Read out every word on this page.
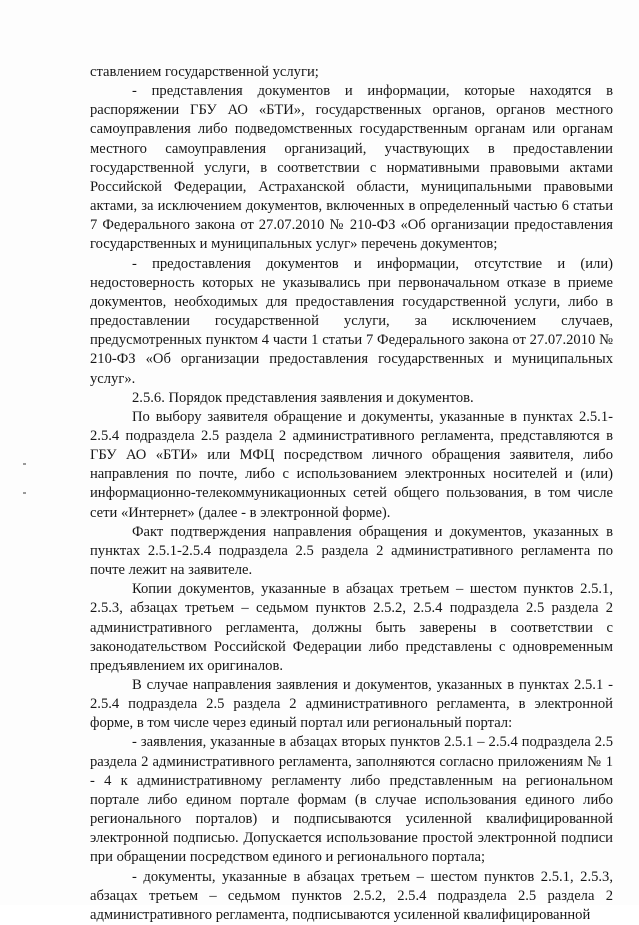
ставлением государственной услуги;

- представления документов и информации, которые находятся в распоряжении ГБУ АО «БТИ», государственных органов, органов местного самоуправления либо подведомственных государственным органам или органам местного самоуправления организаций, участвующих в предоставлении государственной услуги, в соответствии с нормативными правовыми актами Российской Федерации, Астраханской области, муниципальными правовыми актами, за исключением документов, включенных в определенный частью 6 статьи 7 Федерального закона от 27.07.2010 № 210-ФЗ «Об организации предоставления государственных и муниципальных услуг» перечень документов;

- предоставления документов и информации, отсутствие и (или) недостоверность которых не указывались при первоначальном отказе в приеме документов, необходимых для предоставления государственной услуги, либо в предоставлении государственной услуги, за исключением случаев, предусмотренных пунктом 4 части 1 статьи 7 Федерального закона от 27.07.2010 № 210-ФЗ «Об организации предоставления государственных и муниципальных услуг».

2.5.6. Порядок представления заявления и документов.

По выбору заявителя обращение и документы, указанные в пунктах 2.5.1-2.5.4 подраздела 2.5 раздела 2 административного регламента, представляются в ГБУ АО «БТИ» или МФЦ посредством личного обращения заявителя, либо направления по почте, либо с использованием электронных носителей и (или) информационно-телекоммуникационных сетей общего пользования, в том числе сети «Интернет» (далее - в электронной форме).

Факт подтверждения направления обращения и документов, указанных в пунктах 2.5.1-2.5.4 подраздела 2.5 раздела 2 административного регламента по почте лежит на заявителе.

Копии документов, указанные в абзацах третьем – шестом пунктов 2.5.1, 2.5.3, абзацах третьем – седьмом пунктов 2.5.2, 2.5.4 подраздела 2.5 раздела 2 административного регламента, должны быть заверены в соответствии с законодательством Российской Федерации либо представлены с одновременным предъявлением их оригиналов.

В случае направления заявления и документов, указанных в пунктах 2.5.1 - 2.5.4 подраздела 2.5 раздела 2 административного регламента, в электронной форме, в том числе через единый портал или региональный портал:

- заявления, указанные в абзацах вторых пунктов 2.5.1 – 2.5.4 подраздела 2.5 раздела 2 административного регламента, заполняются согласно приложениям № 1 - 4 к административному регламенту либо представленным на региональном портале либо едином портале формам (в случае использования единого либо регионального порталов) и подписываются усиленной квалифицированной электронной подписью. Допускается использование простой электронной подписи при обращении посредством единого и регионального портала;

- документы, указанные в абзацах третьем – шестом пунктов 2.5.1, 2.5.3, абзацах третьем – седьмом пунктов 2.5.2, 2.5.4 подраздела 2.5 раздела 2 административного регламента, подписываются усиленной квалифицированной
